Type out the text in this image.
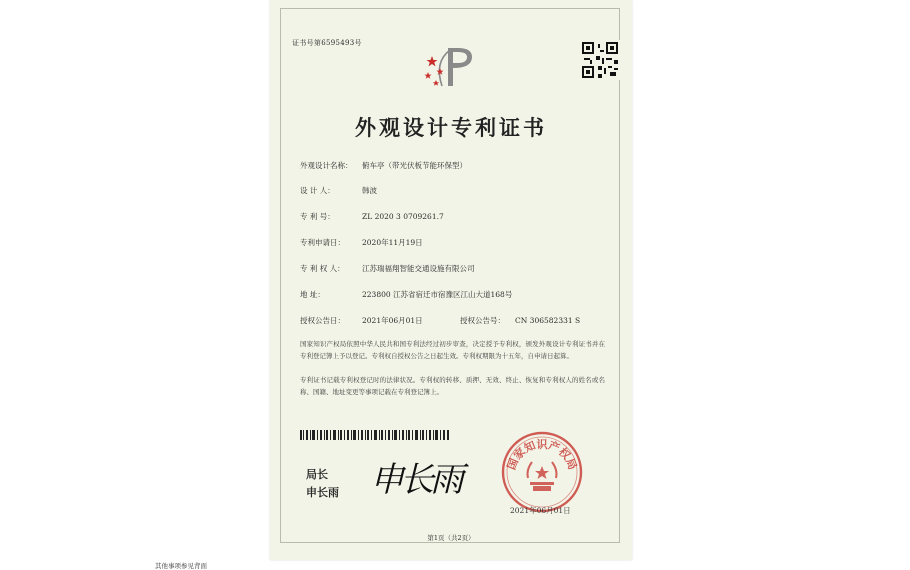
证书号第6595493号
外观设计专利证书
外观设计名称： 俯车亭（带光伏板节能环保型）
设 计 人：	韩波
专 利 号：	ZL 2020 3 0709261.7
专利申请日： 2020年11月19日
专 利 权 人： 江苏瑞福翔智能交通设施有限公司
地 址：	223800 江苏省宿迁市宿豫区江山大道168号
授权公告日： 2021年06月01日	授权公告号： CN 306582331 S
国家知识产权局依照中华人民共和国专利法经过初步审查，决定授予专利权，颁发外观设计专利证书并在专利登记簿上予以登记。专利权自授权公告之日起生效。专利权期限为十五年，自申请日起算。
专利证书记载专利权登记时的法律状况。专利权的转移、质押、无效、终止、恢复和专利权人的姓名或名称、国籍、地址变更等事项记载在专利登记簿上。
局长
申长雨 申长雨	国家知识产权局
2021年06月01日
第1页（共2页）
其他事项参见背面
